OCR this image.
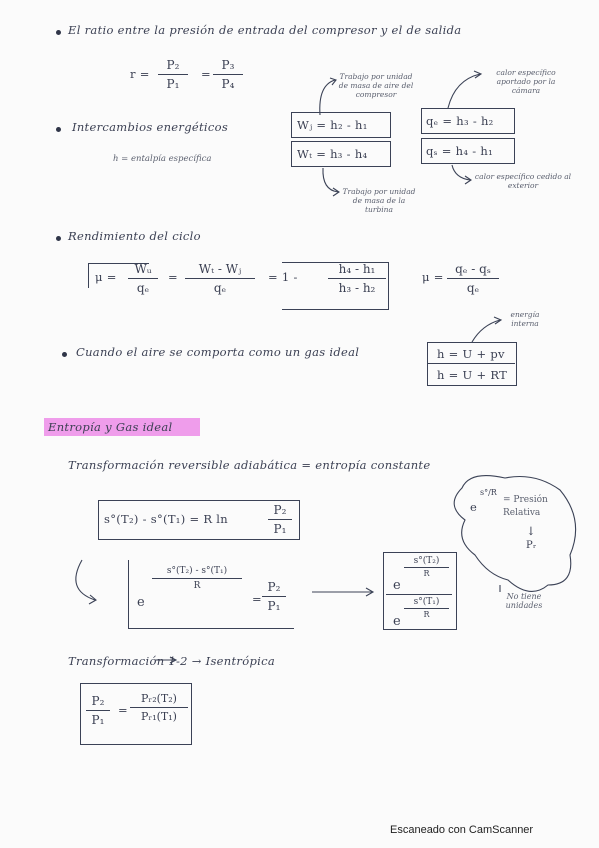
El ratio entre la presión de entrada del compresor y el de salida
r =
P₂
P₁
=
P₃
P₄
Intercambios energéticos
h = entalpía específica
Wⱼ = h₂ - h₁
Wₜ = h₃ - h₄
qₑ = h₃ - h₂
qₛ = h₄ - h₁
Trabajo por unidad de masa de aire del compresor
Trabajo por unidad de masa de la turbina
calor específico aportado por la cámara
calor específico cedido al exterior
Rendimiento del ciclo
μ =
Wᵤ
qₑ
=
Wₜ - Wⱼ
qₑ
= 1 -
h₄ - h₁
h₃ - h₂
μ =
qₑ - qₛ
qₑ
Cuando el aire se comporta como un gas ideal	h = U + pv
h = U + RT
energía interna
Entropía y Gas ideal
Transformación reversible adiabática = entropía constante
s°(T₂) - s°(T₁) = R ln
P₂
P₁
e
s°(T₂) - s°(T₁)
R
=
P₂
P₁
e
s°(T₂)
R
e
s°(T₁)
R
e
s°/R
= Presión Relativa
↓
Pᵣ
No tiene unidades
Transformación 1-2 → Isentrópica
P₂
P₁
=
Pᵣ₂(T₂)
Pᵣ₁(T₁)
Escaneado con CamScanner
